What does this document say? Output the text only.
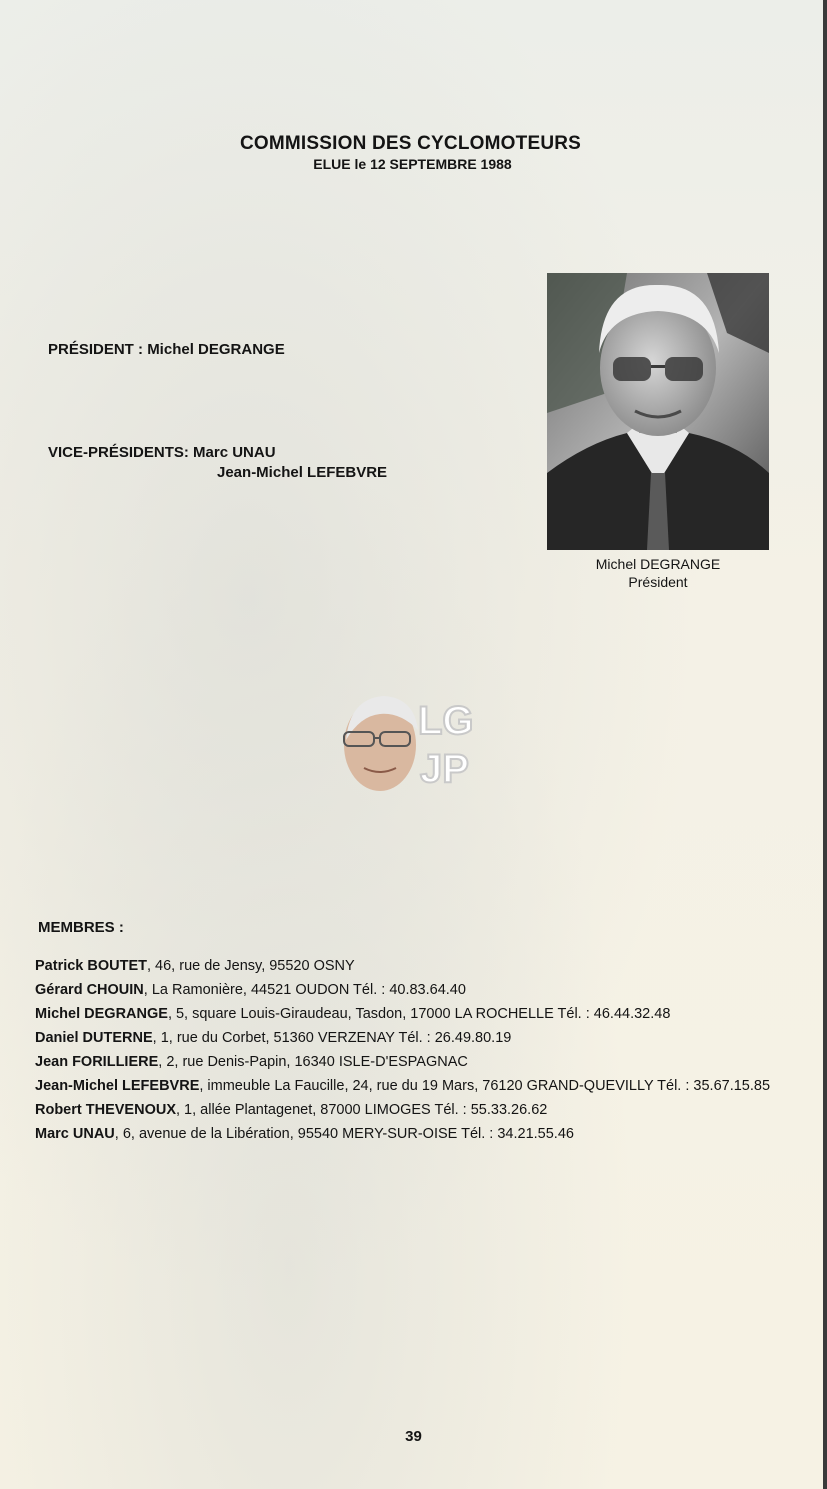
COMMISSION DES CYCLOMOTEURS
ELUE le 12 SEPTEMBRE 1988
PRÉSIDENT : Michel DEGRANGE
VICE-PRÉSIDENTS: Marc UNAU
Jean-Michel LEFEBVRE
Michel DEGRANGE
Président
LG
JP
MEMBRES :
Patrick BOUTET, 46, rue de Jensy, 95520 OSNY
Gérard CHOUIN, La Ramonière, 44521 OUDON Tél. : 40.83.64.40
Michel DEGRANGE, 5, square Louis-Giraudeau, Tasdon, 17000 LA ROCHELLE Tél. : 46.44.32.48
Daniel DUTERNE, 1, rue du Corbet, 51360 VERZENAY Tél. : 26.49.80.19
Jean FORILLIERE, 2, rue Denis-Papin, 16340 ISLE-D'ESPAGNAC
Jean-Michel LEFEBVRE, immeuble La Faucille, 24, rue du 19 Mars, 76120 GRAND-QUEVILLY Tél. : 35.67.15.85
Robert THEVENOUX, 1, allée Plantagenet, 87000 LIMOGES Tél. : 55.33.26.62
Marc UNAU, 6, avenue de la Libération, 95540 MERY-SUR-OISE Tél. : 34.21.55.46
39
